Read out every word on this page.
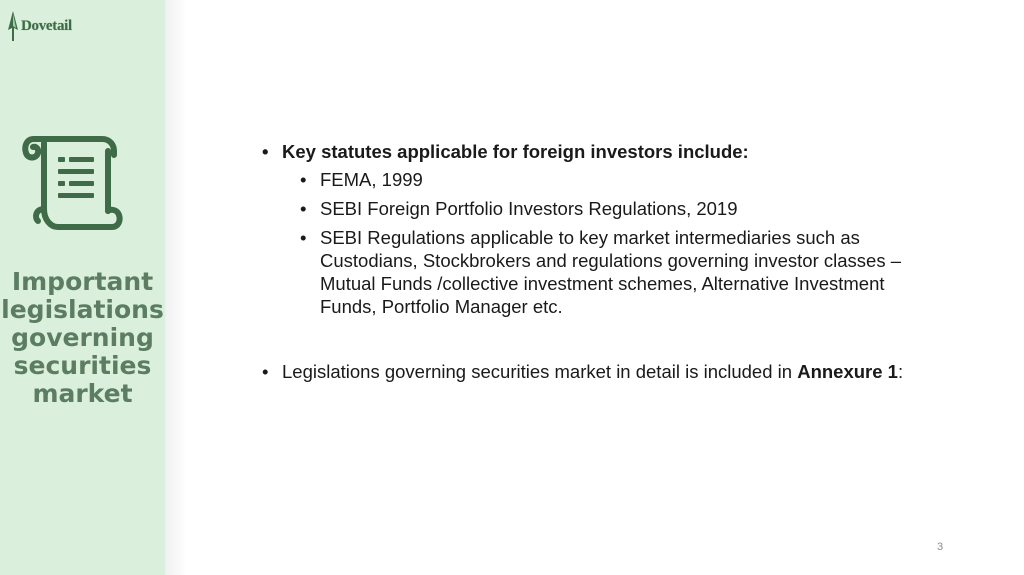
Dovetail
Important
legislations
governing
securities
market
• Key statutes applicable for foreign investors include:
• FEMA, 1999
• SEBI Foreign Portfolio Investors Regulations, 2019
• SEBI Regulations applicable to key market intermediaries such as Custodians, Stockbrokers and regulations governing investor classes – Mutual Funds /collective investment schemes, Alternative Investment Funds, Portfolio Manager etc.
• Legislations governing securities market in detail is included in Annexure 1:
3
